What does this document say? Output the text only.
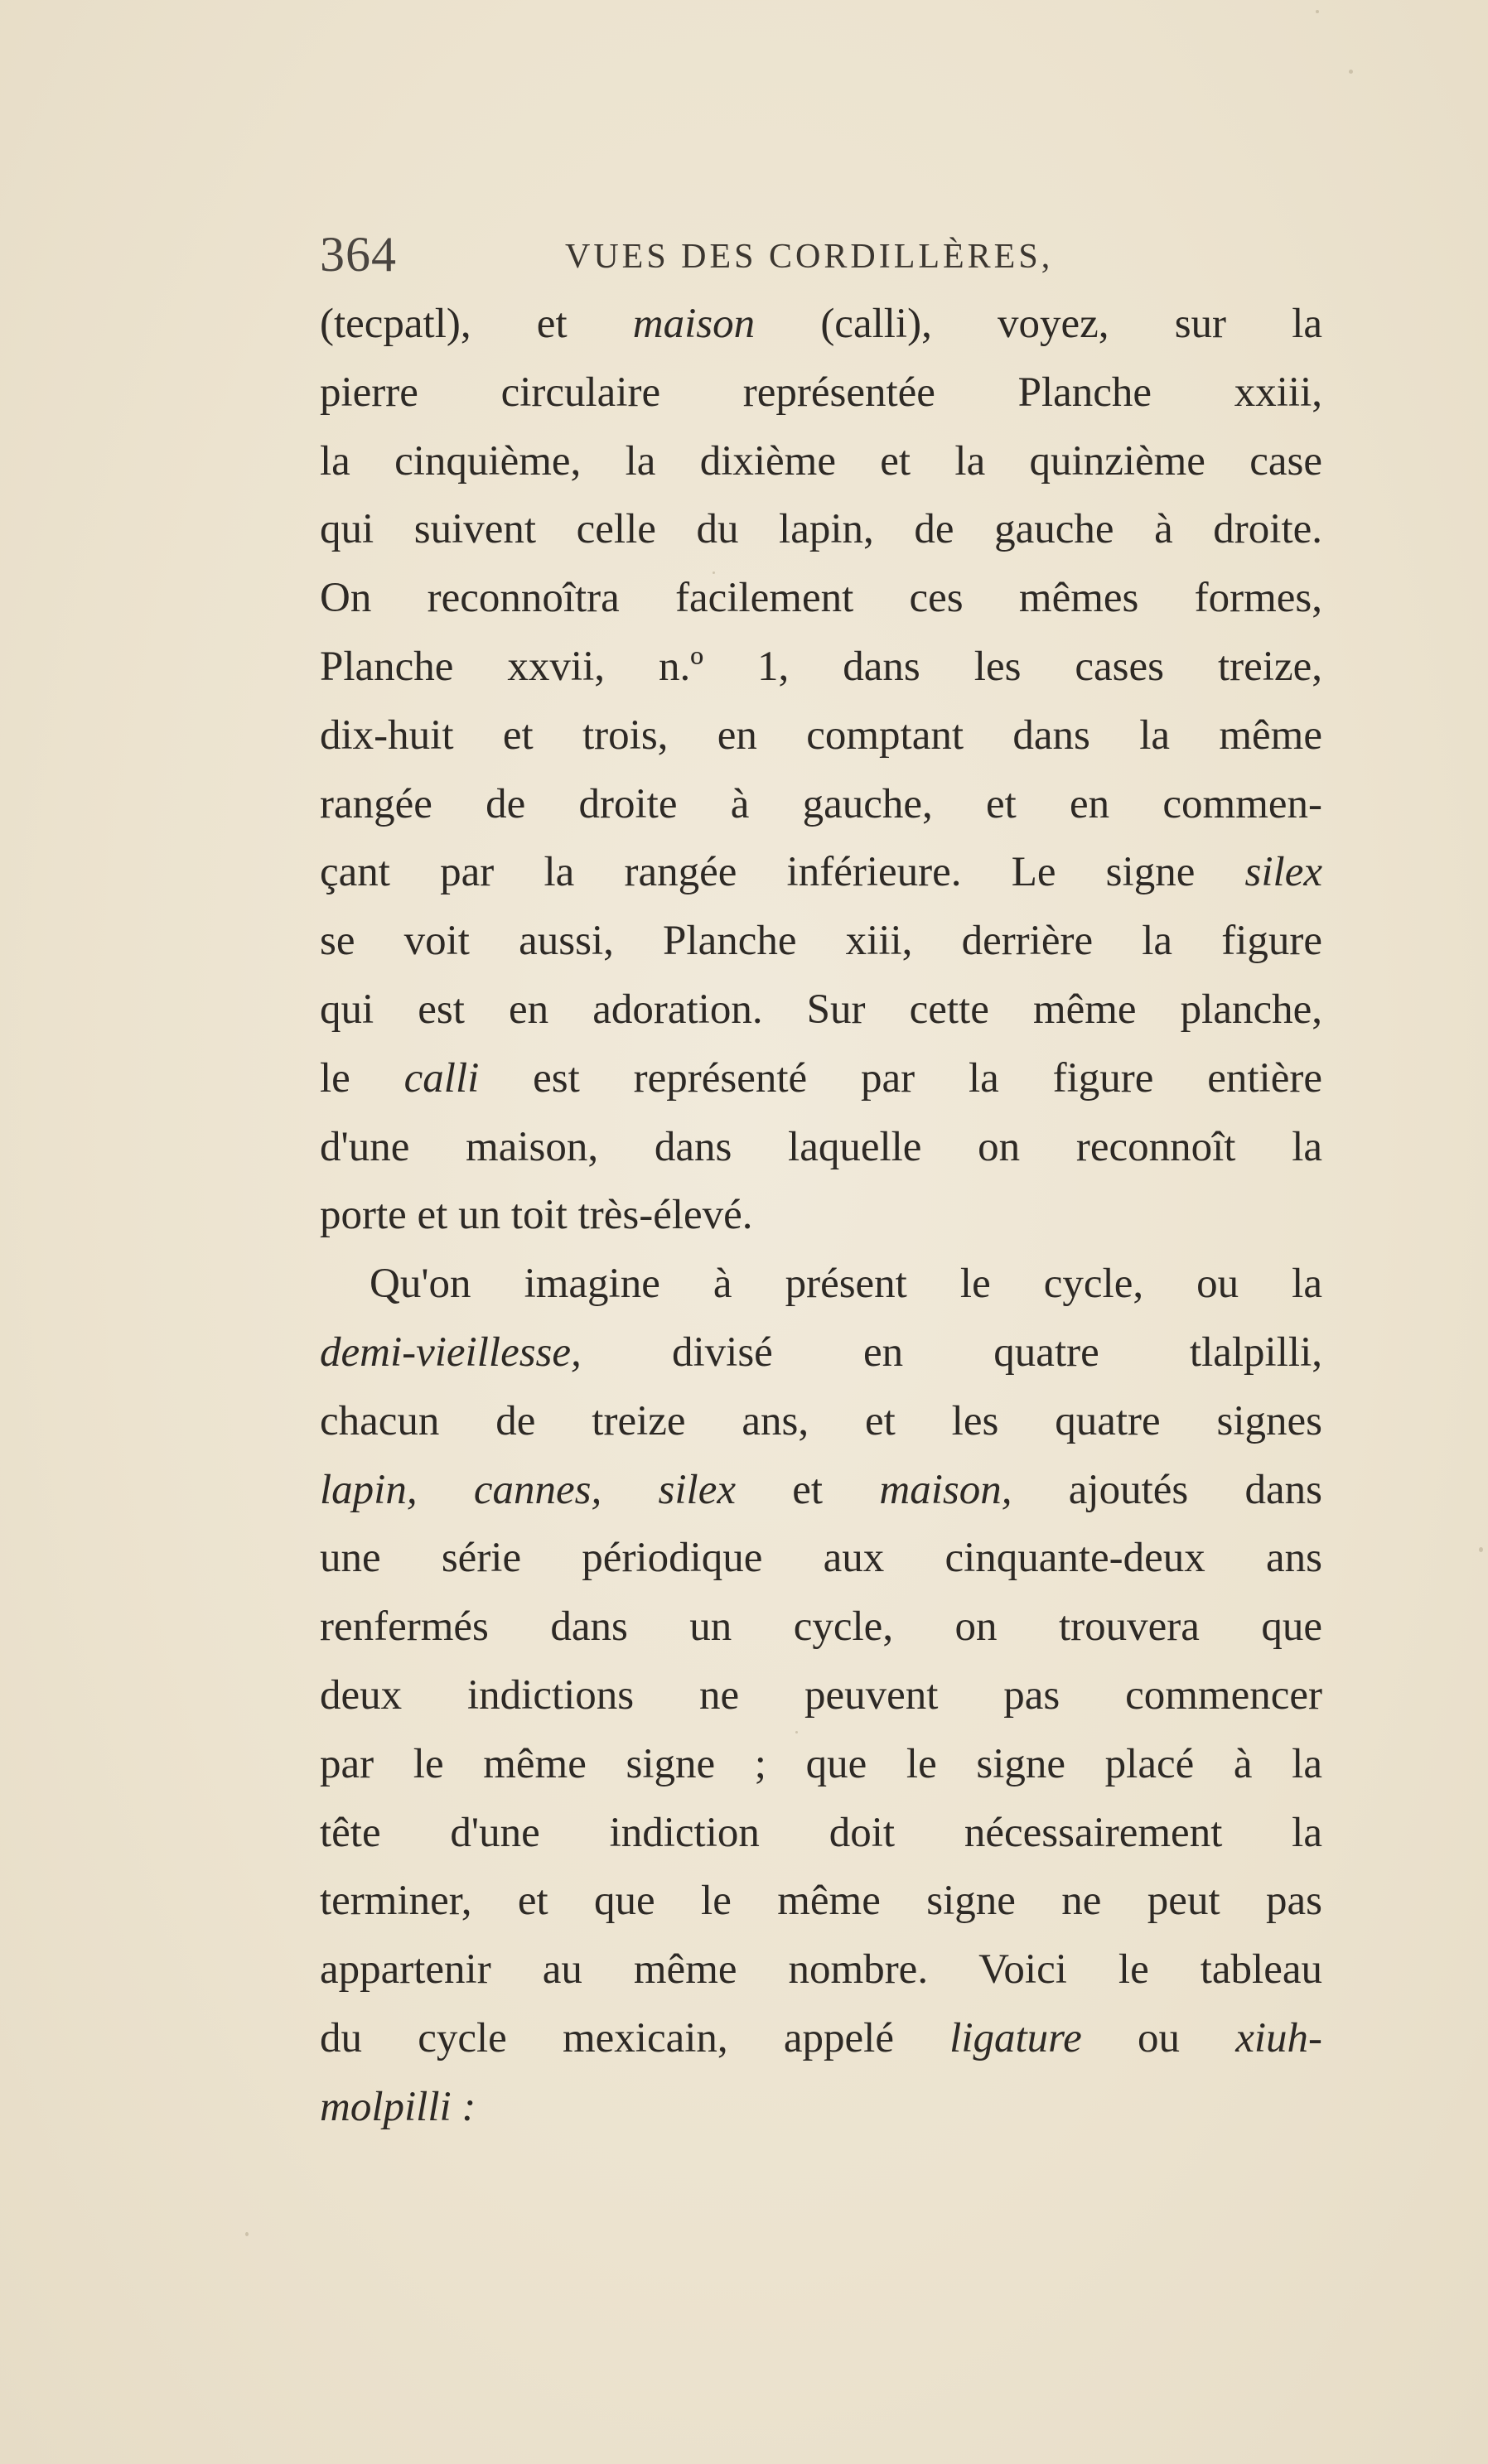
364	VUES DES CORDILLÈRES,
(tecpatl), et maison (calli), voyez, sur la
pierre circulaire représentée Planche xxiii,
la cinquième, la dixième et la quinzième case
qui suivent celle du lapin, de gauche à droite.
On reconnoîtra facilement ces mêmes formes,
Planche xxvii, n.º 1, dans les cases treize,
dix-huit et trois, en comptant dans la même
rangée de droite à gauche, et en commen-
çant par la rangée inférieure. Le signe silex
se voit aussi, Planche xiii, derrière la figure
qui est en adoration. Sur cette même planche,
le calli est représenté par la figure entière
d'une maison, dans laquelle on reconnoît la
porte et un toit très-élevé.
Qu'on imagine à présent le cycle, ou la
demi-vieillesse, divisé en quatre tlalpilli,
chacun de treize ans, et les quatre signes
lapin, cannes, silex et maison, ajoutés dans
une série périodique aux cinquante-deux ans
renfermés dans un cycle, on trouvera que
deux indictions ne peuvent pas commencer
par le même signe ; que le signe placé à la
tête d'une indiction doit nécessairement la
terminer, et que le même signe ne peut pas
appartenir au même nombre. Voici le tableau
du cycle mexicain, appelé ligature ou xiuh-
molpilli :
